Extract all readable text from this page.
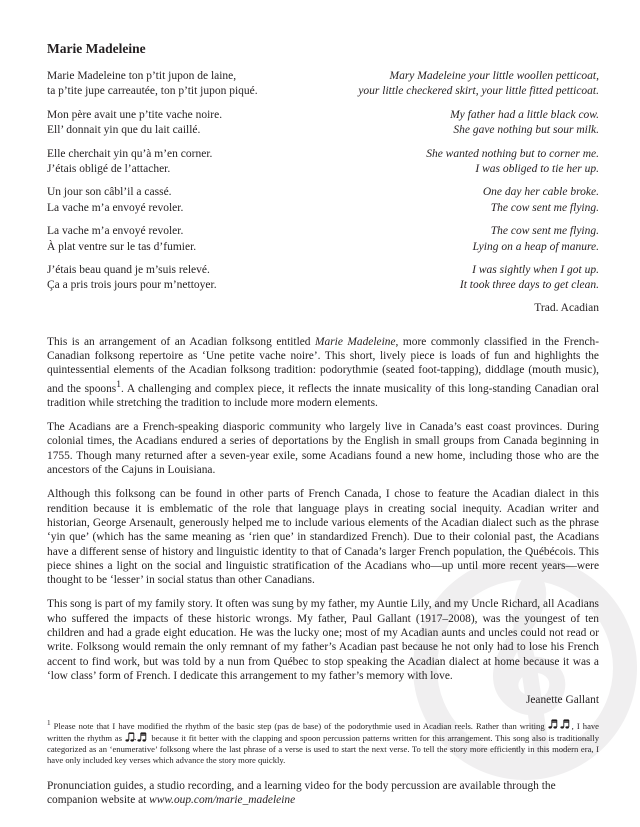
Marie Madeleine
Marie Madeleine ton p’tit jupon de laine,
ta p’tite jupe carreautée, ton p’tit jupon piqué.
Mary Madeleine your little woollen petticoat,
your little checkered skirt, your little fitted petticoat.
Mon père avait une p’tite vache noire.
Ell’ donnait yin que du lait caillé.
My father had a little black cow.
She gave nothing but sour milk.
Elle cherchait yin qu’à m’en corner.
J’étais obligé de l’attacher.
She wanted nothing but to corner me.
I was obliged to tie her up.
Un jour son câbl’il a cassé.
La vache m’a envoyé revoler.
One day her cable broke.
The cow sent me flying.
La vache m’a envoyé revoler.
À plat ventre sur le tas d’fumier.
The cow sent me flying.
Lying on a heap of manure.
J’étais beau quand je m’suis relevé.
Ça a pris trois jours pour m’nettoyer.
I was sightly when I got up.
It took three days to get clean.
Trad. Acadian

This is an arrangement of an Acadian folksong entitled Marie Madeleine, more commonly classified in the French-Canadian folksong repertoire as ‘Une petite vache noire’. This short, lively piece is loads of fun and highlights the quintessential elements of the Acadian folksong tradition: podorythmie (seated foot-tapping), diddlage (mouth music), and the spoons$^1$. A challenging and complex piece, it reflects the innate musicality of this long-standing Canadian oral tradition while stretching the tradition to include more modern elements.

The Acadians are a French-speaking diasporic community who largely live in Canada’s east coast provinces. During colonial times, the Acadians endured a series of deportations by the English in small groups from Canada beginning in 1755. Though many returned after a seven-year exile, some Acadians found a new home, including those who are the ancestors of the Cajuns in Louisiana.

Although this folksong can be found in other parts of French Canada, I chose to feature the Acadian dialect in this rendition because it is emblematic of the role that language plays in creating social inequity. Acadian writer and historian, George Arsenault, generously helped me to include various elements of the Acadian dialect such as the phrase ‘yin que’ (which has the same meaning as ‘rien que’ in standardized French). Due to their colonial past, the Acadians have a different sense of history and linguistic identity to that of Canada’s larger French population, the Québécois. This piece shines a light on the social and linguistic stratification of the Acadians who—up until more recent years—were thought to be ‘lesser’ in social status than other Canadians.

This song is part of my family story. It often was sung by my father, my Auntie Lily, and my Uncle Richard, all Acadians who suffered the impacts of these historic wrongs. My father, Paul Gallant (1917–2008), was the youngest of ten children and had a grade eight education. He was the lucky one; most of my Acadian aunts and uncles could not read or write. Folksong would remain the only remnant of my father’s Acadian past because he not only had to lose his French accent to find work, but was told by a nun from Québec to stop speaking the Acadian dialect at home because it was a ‘low class’ form of French. I dedicate this arrangement to my father’s memory with love.

Jeanette Gallant
$^1$ Please note that I have modified the rhythm of the basic step (pas de base) of the podorythmie used in Acadian reels. Rather than writing	, I have written the rhythm as	because it fit better with the clapping and spoon percussion patterns written for this arrangement. This song also is traditionally categorized as an ‘enumerative’ folksong where the last phrase of a verse is used to start the next verse. To tell the story more efficiently in this modern era, I have only included key verses which advance the story more quickly.

Pronunciation guides, a studio recording, and a learning video for the body percussion are available through the companion website at www.oup.com/marie_madeleine
